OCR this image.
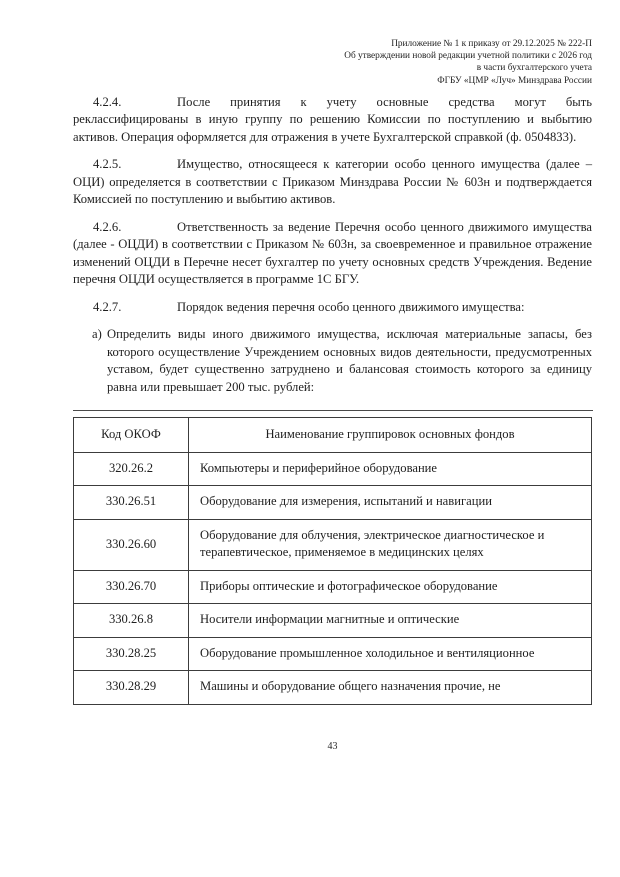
Приложение № 1 к приказу от 29.12.2025 № 222-П
Об утверждении новой редакции учетной политики с 2026 год
в части бухгалтерского учета
ФГБУ «ЦМР «Луч» Минздрава России

4.2.4.	После принятия к учету основные средства могут быть реклассифицированы в иную группу по решению Комиссии по поступлению и выбытию активов. Операция оформляется для отражения в учете Бухгалтерской справкой (ф. 0504833).

4.2.5.	Имущество, относящееся к категории особо ценного имущества (далее – ОЦИ) определяется в соответствии с Приказом Минздрава России № 603н и подтверждается Комиссией по поступлению и выбытию активов.

4.2.6.	Ответственность за ведение Перечня особо ценного движимого имущества (далее - ОЦДИ) в соответствии с Приказом № 603н, за своевременное и правильное отражение изменений ОЦДИ в Перечне несет бухгалтер по учету основных средств Учреждения. Ведение перечня ОЦДИ осуществляется в программе 1С БГУ.

4.2.7.	Порядок ведения перечня особо ценного движимого имущества:

а) Определить виды иного движимого имущества, исключая материальные запасы, без которого осуществление Учреждением основных видов деятельности, предусмотренных уставом, будет существенно затруднено и балансовая стоимость которого за единицу равна или превышает 200 тыс. рублей:
Код ОКОФ	Наименование группировок основных фондов
320.26.2	Компьютеры и периферийное оборудование
330.26.51	Оборудование для измерения, испытаний и навигации
330.26.60	Оборудование для облучения, электрическое диагностическое и терапевтическое, применяемое в медицинских целях
330.26.70	Приборы оптические и фотографическое оборудование
330.26.8	Носители информации магнитные и оптические
330.28.25	Оборудование промышленное холодильное и вентиляционное
330.28.29	Машины и оборудование общего назначения прочие, не
43
